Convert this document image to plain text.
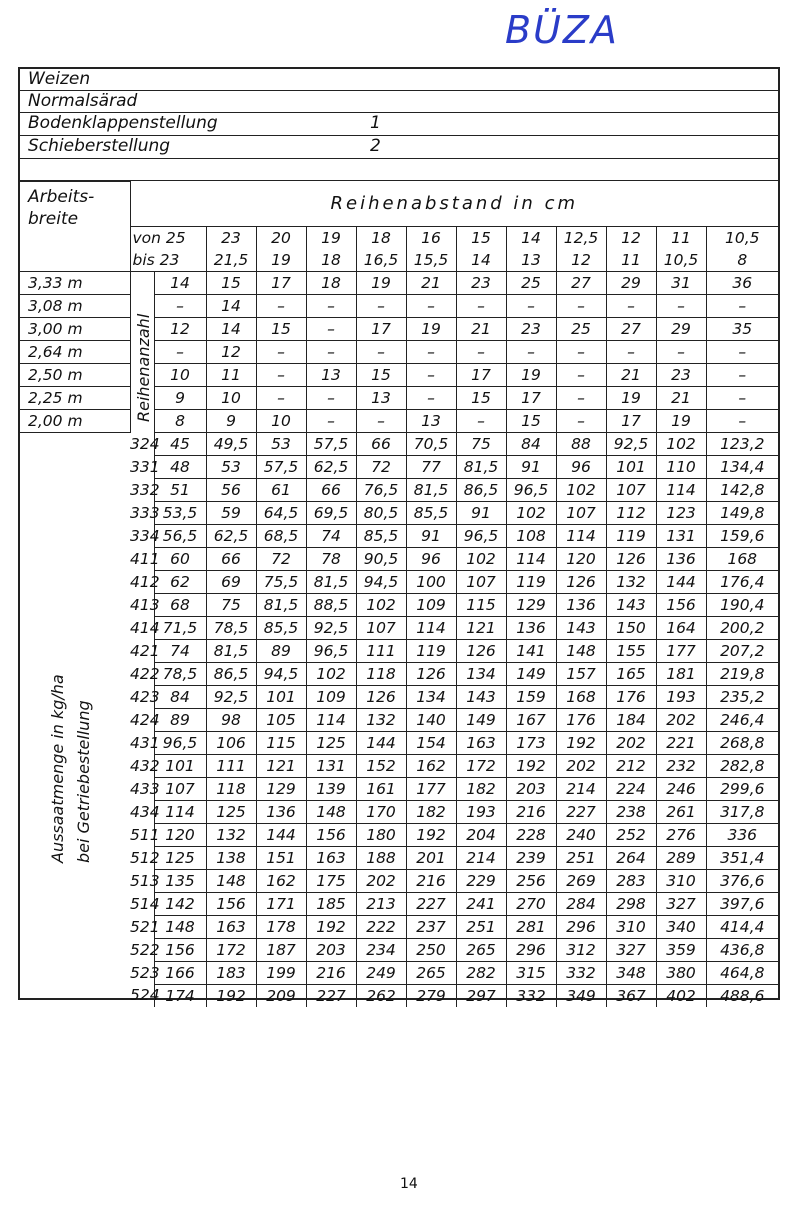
BÜZA
Weizen
Normalsärad
Bodenklappenstellung	1
Schieberstellung	2
Arbeits-
breite	Reihenabstand in cm												
	von 25		23	20	19	18	16	15	14	12,5	12	11	10,5
	bis 23		21,5	19	18	16,5	15,5	14	13	12	11	10,5	8
3,33 m	Reihenanzahl	14	15	17	18	19	21	23	25	27	29	31	36
3,08 m		–	14	–	–	–	–	–	–	–	–	–	–
3,00 m		12	14	15	–	17	19	21	23	25	27	29	35
2,64 m		–	12	–	–	–	–	–	–	–	–	–	–
2,50 m		10	11	–	13	15	–	17	19	–	21	23	–
2,25 m		9	10	–	–	13	–	15	17	–	19	21	–
2,00 m		8	9	10	–	–	13	–	15	–	17	19	–

Aussaatmenge in kg/ha bei Getriebestellung	324	45	49,5	53	57,5	66	70,5	75	84	88	92,5	102	123,2
	331	48	53	57,5	62,5	72	77	81,5	91	96	101	110	134,4
	332	51	56	61	66	76,5	81,5	86,5	96,5	102	107	114	142,8
	333	53,5	59	64,5	69,5	80,5	85,5	91	102	107	112	123	149,8
	334	56,5	62,5	68,5	74	85,5	91	96,5	108	114	119	131	159,6
	411	60	66	72	78	90,5	96	102	114	120	126	136	168
	412	62	69	75,5	81,5	94,5	100	107	119	126	132	144	176,4
	413	68	75	81,5	88,5	102	109	115	129	136	143	156	190,4
	414	71,5	78,5	85,5	92,5	107	114	121	136	143	150	164	200,2
	421	74	81,5	89	96,5	111	119	126	141	148	155	177	207,2
	422	78,5	86,5	94,5	102	118	126	134	149	157	165	181	219,8
	423	84	92,5	101	109	126	134	143	159	168	176	193	235,2
	424	89	98	105	114	132	140	149	167	176	184	202	246,4
	431	96,5	106	115	125	144	154	163	173	192	202	221	268,8
	432	101	111	121	131	152	162	172	192	202	212	232	282,8
	433	107	118	129	139	161	177	182	203	214	224	246	299,6
	434	114	125	136	148	170	182	193	216	227	238	261	317,8
	511	120	132	144	156	180	192	204	228	240	252	276	336
	512	125	138	151	163	188	201	214	239	251	264	289	351,4
	513	135	148	162	175	202	216	229	256	269	283	310	376,6
	514	142	156	171	185	213	227	241	270	284	298	327	397,6
	521	148	163	178	192	222	237	251	281	296	310	340	414,4
	522	156	172	187	203	234	250	265	296	312	327	359	436,8
	523	166	183	199	216	249	265	282	315	332	348	380	464,8
	524	174	192	209	227	262	279	297	332	349	367	402	488,6
14
